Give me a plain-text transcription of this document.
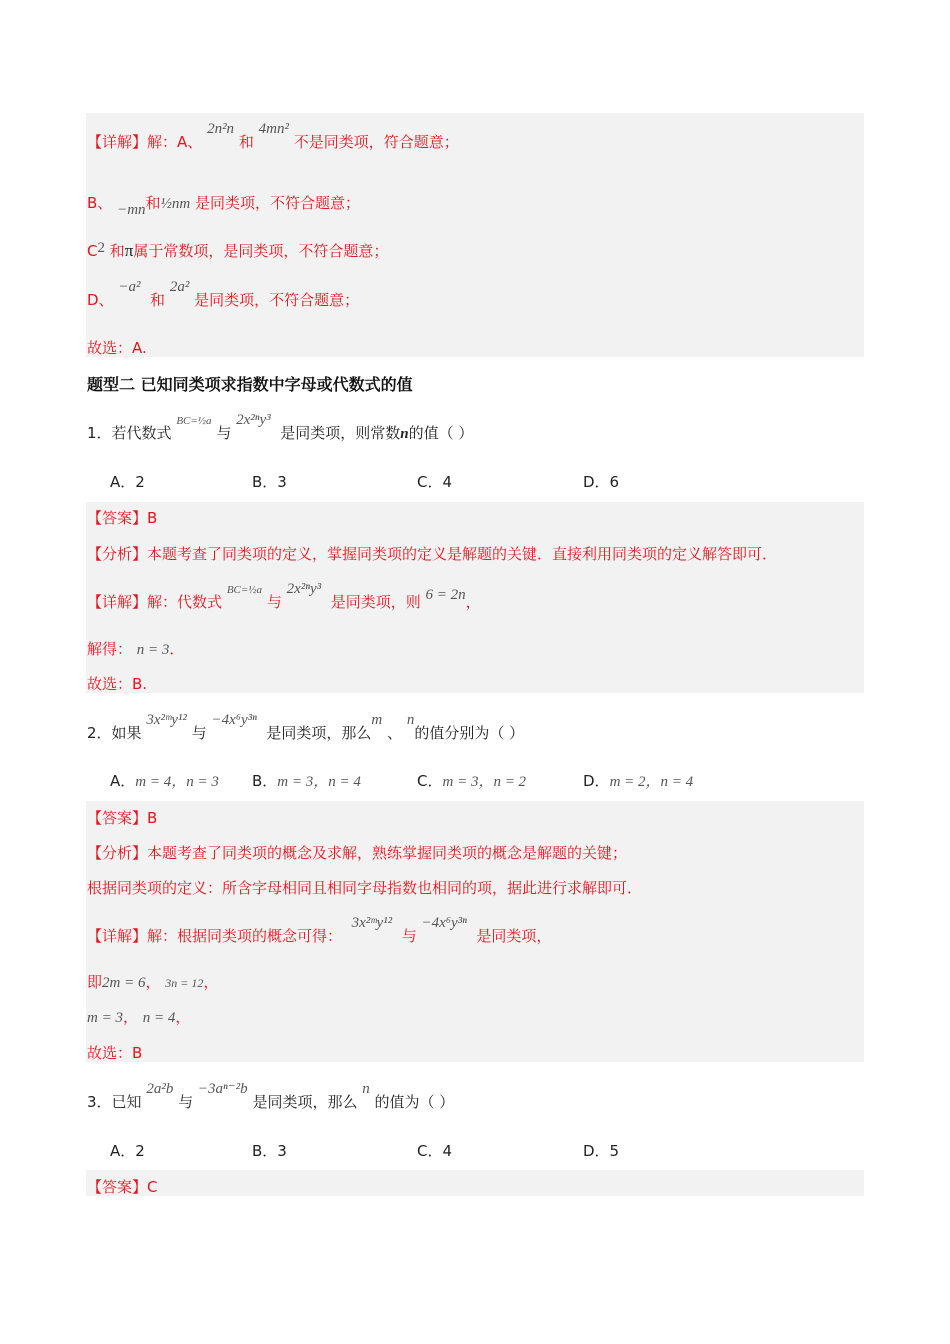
【详解】解：A、 2n²n 和 4mn² 不是同类项，符合题意；
B、 −mn和½nm 是同类项，不符合题意；
C2 和π属于常数项，是同类项，不符合题意；
D、 −a²  和 2a² 是同类项，不符合题意；
故选：A.
题型二 已知同类项求指数中字母或代数式的值
1．若代数式 $^{BC=\frac{1}{2}a}$ 与 2x²ⁿy³  是同类项，则常数n的值（ ）
A．2	B．3	C．4	D．6
【答案】B
【分析】本题考查了同类项的定义，掌握同类项的定义是解题的关键．直接利用同类项的定义解答即可．
【详解】解：代数式 $^{BC=\frac{1}{2}a}$ 与 2x²ⁿy³  是同类项，则 6 = 2n，
解得： n = 3．
故选：B.
2．如果 3x²ᵐy¹² 与 −4x⁶y³ⁿ  是同类项，那么m 、 n的值分别为（ ）
A．m = 4，n = 3 B．m = 3，n = 4	C．m = 3，n = 2	D．m = 2，n = 4
【答案】B
【分析】本题考查了同类项的概念及求解，熟练掌握同类项的概念是解题的关键；
根据同类项的定义：所含字母相同且相同字母指数也相同的项，据此进行求解即可．
【详解】解：根据同类项的概念可得：  3x²ᵐy¹²  与 −4x⁶y³ⁿ  是同类项，
即2m = 6， 3n = 12，
m = 3， n = 4，
故选：B
3．已知 2a²b 与 −3aⁿ⁻²b 是同类项，那么 n 的值为（ ）
A．2	B．3	C．4	D．5
【答案】C
